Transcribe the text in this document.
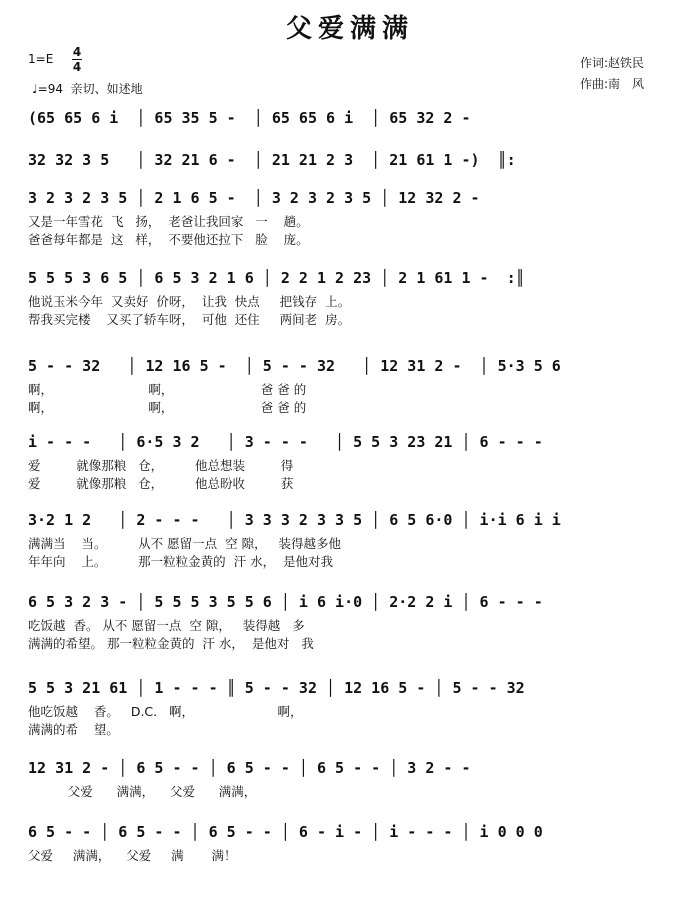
父爱满满
1=E 4
4
♩=94 亲切、如述地
作词:赵铁民
作曲:南　风
(65 65 6 i  │ 65 35 5 -  │ 65 65 6 i  │ 65 32 2 -
32 32 3 5   │ 32 21 6 -  │ 21 21 2 3  │ 21 61 1 -)  ║:
3 2 3 2 3 5 │ 2 1 6 5 -  │ 3 2 3 2 3 5 │ 12 32 2 -
又是一年雪花  飞   扬，  老爸让我回家   一    趟。
爸爸每年都是  这   样，  不要他还拉下   脸    庞。
5 5 5 3 6 5 │ 6 5 3 2 1 6 │ 2 2 1 2 23 │ 2 1 61 1 -  :║
他说玉米今年  又卖好  价呀，  让我  快点     把钱存  上。
帮我买完楼    又买了轿车呀，  可他  还住     两间老  房。
5 - - 32   │ 12 16 5 -  │ 5 - - 32   │ 12 31 2 -  │ 5·3 5 6
啊，                        啊，                      爸 爸 的
啊，                        啊，                      爸 爸 的
i - - -   │ 6·5 3 2   │ 3 - - -   │ 5 5 3 23 21 │ 6 - - -
爱         就像那粮   仓，        他总想装         得
爱         就像那粮   仓，        他总盼收         获
3·2 1 2   │ 2 - - -   │ 3 3 3 2 3 3 5 │ 6 5 6·0 │ i·i 6 i i
满满当    当。        从不 愿留一点  空 隙，   装得越多他
年年向    上。        那一粒粒金黄的  汗 水，  是他对我
6 5 3 2 3 - │ 5 5 5 3 5 5 6 │ i 6 i·0 │ 2·2 2 i │ 6 - - -
吃饭越  香。 从不 愿留一点  空 隙，   装得越   多
满满的希望。 那一粒粒金黄的  汗 水，  是他对   我
5 5 3 21 61 │ 1 - - - ║ 5 - - 32 │ 12 16 5 - │ 5 - - 32
他吃饭越    香。   D.C.   啊，                     啊，
满满的希    望。
12 31 2 - │ 6 5 - - │ 6 5 - - │ 6 5 - - │ 3 2 - -
父爱      满满，    父爱      满满，
6 5 - - │ 6 5 - - │ 6 5 - - │ 6 - i - │ i - - - │ i 0 0 0
父爱     满满，    父爱     满       满！
